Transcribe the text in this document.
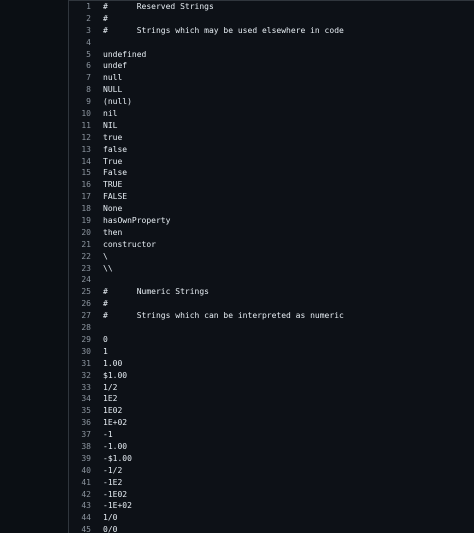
1	#	Reserved Strings
2	#
3	#	Strings which may be used elsewhere in code
4
5	undefined
6	undef
7	null
8	NULL
9	(null)
10	nil
11	NIL
12	true
13	false
14	True
15	False
16	TRUE
17	FALSE
18	None
19	hasOwnProperty
20	then
21	constructor
22	\
23	\\
24
25	#	Numeric Strings
26	#
27	#	Strings which can be interpreted as numeric
28
29	0
30	1
31	1.00
32	$1.00
33	1/2
34	1E2
35	1E02
36	1E+02
37	-1
38	-1.00
39	-$1.00
40	-1/2
41	-1E2
42	-1E02
43	-1E+02
44	1/0
45	0/0
